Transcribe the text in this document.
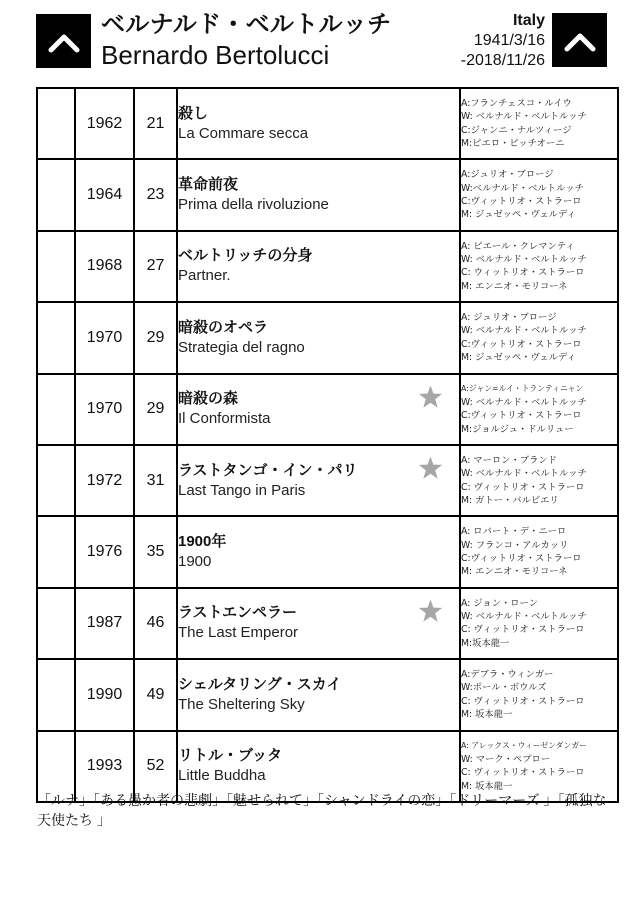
ベルナルド・ベルトルッチ
Bernardo Bertolucci
Italy
1941/3/16
-2018/11/26
	1962	21	
殺し
La Commare secca

A:フランチェスコ・ルイウ
W: ベルナルド・ベルトルッチ
C:ジャンニ・ナルツィージ
M:ピエロ・ピッチオーニ

	1964	23	
革命前夜
Prima della rivoluzione

A:ジュリオ・ブロージ
W:ベルナルド・ベルトルッチ
C:ヴィットリオ・ストラーロ
M: ジュゼッペ・ヴェルディ

	1968	27	
ベルトリッチの分身
Partner.

A: ピエール・クレマンティ
W: ベルナルド・ベルトルッチ
C: ウィットリオ・ストラーロ
M: エンニオ・モリコーネ

	1970	29	
暗殺のオペラ
Strategia del ragno

A: ジュリオ・ブロージ
W: ベルナルド・ベルトルッチ
C:ヴィットリオ・ストラーロ
M: ジュゼッペ・ヴェルディ

	1970	29	
暗殺の森
Il Conformista

A:ジャン=ルイ・トランティニャン
W: ベルナルド・ベルトルッチ
C:ヴィットリオ・ストラーロ
M:ジョルジュ・ドルリュー

	1972	31	
ラストタンゴ・イン・パリ
Last Tango in Paris

A: マーロン・ブランド
W: ベルナルド・ベルトルッチ
C: ヴィットリオ・ストラーロ
M: ガトー・バルビエリ

	1976	35	
1900年
1900

A: ロバート・デ・ニーロ
W: フランコ・アルカッリ
C:ヴィットリオ・ストラーロ
M: エンニオ・モリコーネ

	1987	46	
ラストエンペラー
The Last Emperor

A: ジョン・ローン
W: ベルナルド・ベルトルッチ
C: ヴィットリオ・ストラーロ
M:坂本龍一

	1990	49	
シェルタリング・スカイ
The Sheltering Sky

A:デブラ・ウィンガー
W:ポール・ボウルズ
C: ヴィットリオ・ストラーロ
M: 坂本龍一

	1993	52	
リトル・ブッタ
Little Buddha

A: アレックス・ウィーゼンダンガー
W: マーク・ペプロー
C: ヴィットリオ・ストラーロ
M: 坂本龍一
「ルナ」「ある愚か者の悲劇」「魅せられて」「シャンドライの恋」「ドリーマーズ 」「孤独な天使たち 」
